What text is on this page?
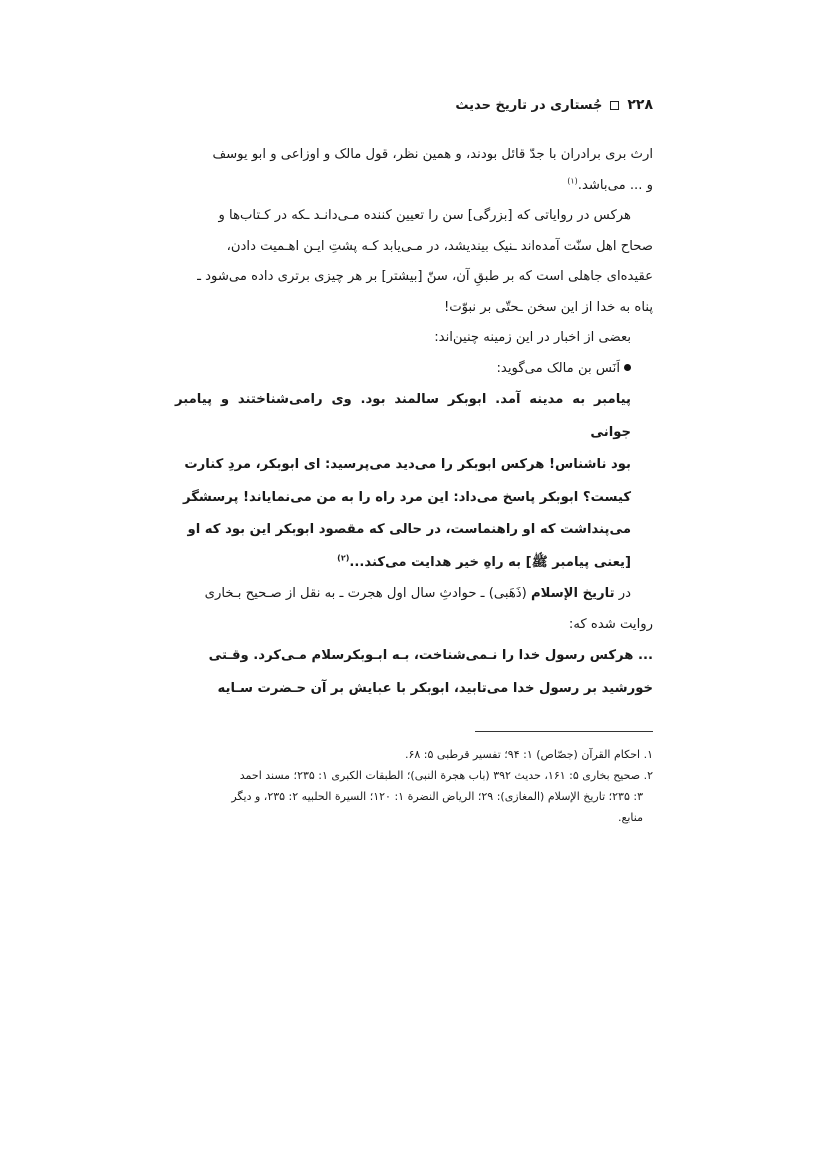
۲۲۸
جُستاری در تاریخ حدیث

ارث بری برادران با جدّ قائل بودند، و همین نظر، قول مالک و اوزاعی و ابو یوسف
و ... می‌باشد.$^{(۱)}$

هرکس در روایاتی که [بزرگی] سن را تعیین کننده مـی‌دانـد ـکه در کـتاب‌ها و
صحاح اهل سنّت آمده‌اند ـنیک بیندیشد، در مـی‌یابد کـه پشتِ ایـن اهـمیت دادن،
عقیده‌ای جاهلی است که بر طبقِ آن، سنّ [بیشتر] بر هر چیزی برتری داده می‌شود ـ
پناه به خدا از این سخن ـحتّی بر نبوّت!

بعضی از اخبار در این زمینه چنین‌اند:

اَنَس بن مالک می‌گوید:

پیامبر به مدینه آمد. ابوبکر سالمند بود. وی را‌می‌شناختند و پیامبر جوانی
بود ناشناس! هرکس ابوبکر را می‌دید می‌پرسید: ای ابوبکر، مردِ کنارت
کیست؟ ابوبکر پاسخ می‌داد: این مرد راه را به من می‌نمایاند! پرسشگر
می‌پنداشت که او راهنماست، در حالی که مقصود ابوبکر این بود که او
[یعنی پیامبر ﷺ] به راهِ خیر هدایت می‌کند...$^{(۲)}$

در تاریخ الإسلام (ذَهَبی) ـ حوادثِ سال اول هجرت ـ به نقل از صـحیح بـخاری
روایت شده که:

... هرکس رسول خدا را نـمی‌شناخت، بـه ابـوبکرسلام مـی‌کرد. وقـتی
خورشید بر رسول خدا می‌تابید، ابوبکر با عبایش بر آن حـضرت سـایه

۱. احکام القرآن (جصّاص) ۱: ۹۴؛ تفسیر قرطبی ۵: ۶۸.

۲. صحیح بخاری ۵: ۱۶۱، حدیث ۳۹۲ (باب هجرة النبی)؛ الطبقات الکبری ۱: ۲۳۵؛ مسند احمد
۳: ۲۳۵؛ تاریخ الإسلام (المغازی): ۲۹؛ الریاض النضرة ۱: ۱۲۰؛ السیرة الحلبیه ۲: ۲۳۵، و دیگر
منابع.
